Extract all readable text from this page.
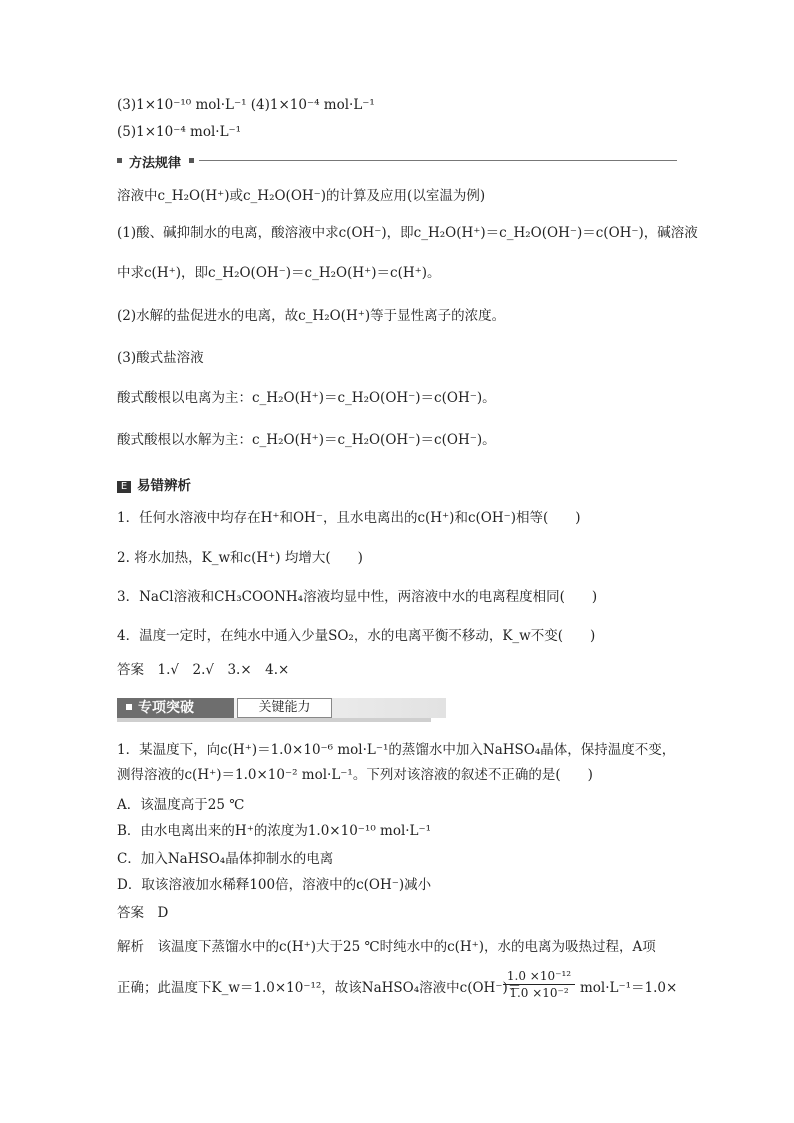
(3)1×10⁻¹⁰ mol·L⁻¹ (4)1×10⁻⁴ mol·L⁻¹
(5)1×10⁻⁴ mol·L⁻¹
方法规律
溶液中c_H₂O(H⁺)或c_H₂O(OH⁻)的计算及应用(以室温为例)
(1)酸、碱抑制水的电离，酸溶液中求c(OH⁻)，即c_H₂O(H⁺)＝c_H₂O(OH⁻)＝c(OH⁻)，碱溶液
中求c(H⁺)，即c_H₂O(OH⁻)＝c_H₂O(H⁺)＝c(H⁺)。
(2)水解的盐促进水的电离，故c_H₂O(H⁺)等于显性离子的浓度。
(3)酸式盐溶液
酸式酸根以电离为主：c_H₂O(H⁺)＝c_H₂O(OH⁻)＝c(OH⁻)。
酸式酸根以水解为主：c_H₂O(H⁺)＝c_H₂O(OH⁻)＝c(OH⁻)。
E 易错辨析
1．任何水溶液中均存在H⁺和OH⁻，且水电离出的c(H⁺)和c(OH⁻)相等(　　)
2. 将水加热，K_w和c(H⁺) 均增大(　　)
3．NaCl溶液和CH₃COONH₄溶液均显中性，两溶液中水的电离程度相同(　　)
4．温度一定时，在纯水中通入少量SO₂，水的电离平衡不移动，K_w不变(　　)
答案　1.√　2.√　3.×　4.×
专项突破	关键能力
1．某温度下，向c(H⁺)＝1.0×10⁻⁶ mol·L⁻¹的蒸馏水中加入NaHSO₄晶体，保持温度不变，
测得溶液的c(H⁺)＝1.0×10⁻² mol·L⁻¹。下列对该溶液的叙述不正确的是(　　)
A．该温度高于25 ℃
B．由水电离出来的H⁺的浓度为1.0×10⁻¹⁰ mol·L⁻¹
C．加入NaHSO₄晶体抑制水的电离
D．取该溶液加水稀释100倍，溶液中的c(OH⁻)减小
答案　D
解析　该温度下蒸馏水中的c(H⁺)大于25 ℃时纯水中的c(H⁺)，水的电离为吸热过程，A项
正确；此温度下K_w＝1.0×10⁻¹²，故该NaHSO₄溶液中c(OH⁻)＝
$\frac{\text{1.0 ×10⁻¹²}}{\text{1.0 ×10⁻²}} mol\cdot L^{-1}=1.0\times$
